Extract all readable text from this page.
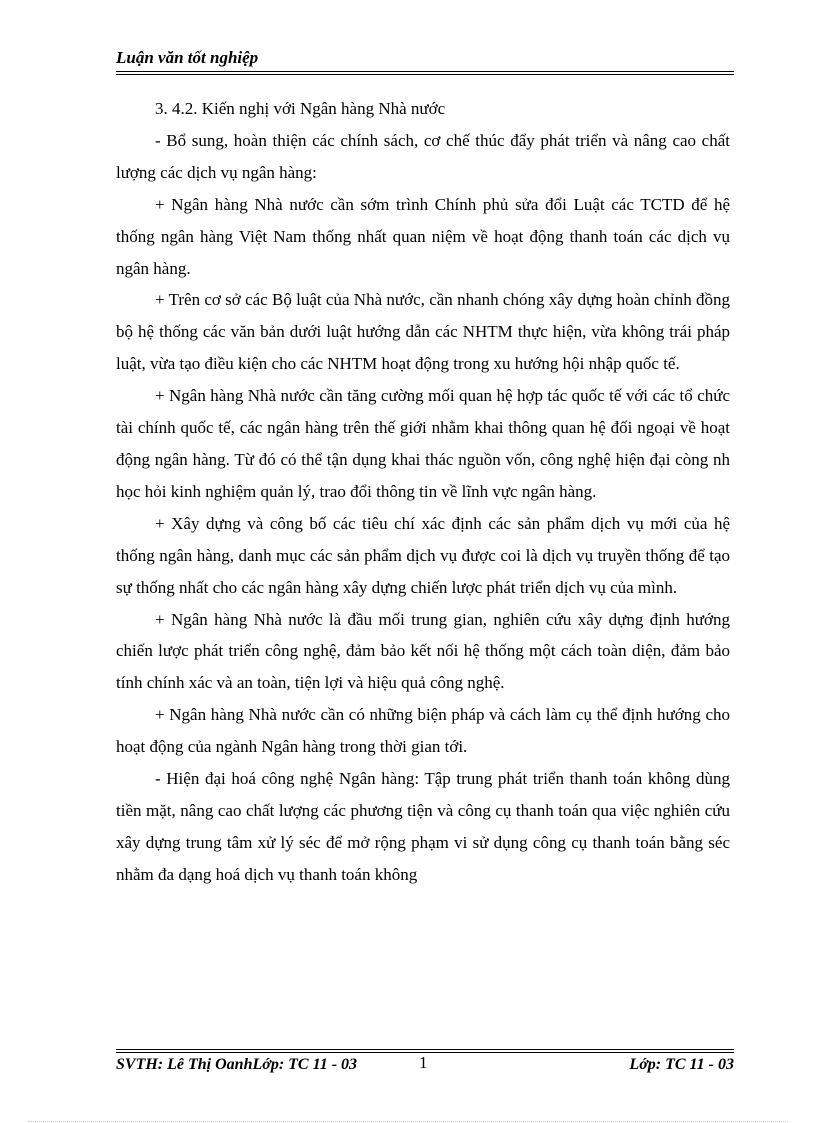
Luận văn tốt nghiệp

3. 4.2. Kiến nghị với Ngân hàng Nhà nước

- Bổ sung, hoàn thiện các chính sách, cơ chế thúc đẩy phát triển và nâng cao chất lượng các dịch vụ ngân hàng:

+ Ngân hàng Nhà nước cần sớm trình Chính phủ sửa đổi Luật các TCTD để hệ thống ngân hàng Việt Nam thống nhất quan niệm về hoạt động thanh toán các dịch vụ ngân hàng.

+ Trên cơ sở các Bộ luật của Nhà nước, cần nhanh chóng xây dựng hoàn chỉnh đồng bộ hệ thống các văn bản dưới luật hướng dẫn các NHTM thực hiện, vừa không trái pháp luật, vừa tạo điều kiện cho các NHTM hoạt động trong xu hướng hội nhập quốc tế.

+ Ngân hàng Nhà nước cần tăng cường mối quan hệ hợp tác quốc tế với các tổ chức tài chính quốc tế, các ngân hàng trên thế giới nhằm khai thông quan hệ đối ngoại về hoạt động ngân hàng. Từ đó có thể tận dụng khai thác nguồn vốn, công nghệ hiện đại còng nh học hỏi kinh nghiệm quản lý, trao đổi thông tin về lĩnh vực ngân hàng.

+ Xây dựng và công bố các tiêu chí xác định các sản phẩm dịch vụ mới của hệ thống ngân hàng, danh mục các sản phẩm dịch vụ được coi là dịch vụ truyền thống để tạo sự thống nhất cho các ngân hàng xây dựng chiến lược phát triển dịch vụ của mình.

+ Ngân hàng Nhà nước là đầu mối trung gian, nghiên cứu xây dựng định hướng chiến lược phát triển công nghệ, đảm bảo kết nối hệ thống một cách toàn diện, đảm bảo tính chính xác và an toàn, tiện lợi và hiệu quả công nghệ.

+ Ngân hàng Nhà nước cần có những biện pháp và cách làm cụ thể định hướng cho hoạt động của ngành Ngân hàng trong thời gian tới.

- Hiện đại hoá công nghệ Ngân hàng: Tập trung phát triển thanh toán không dùng tiền mặt, nâng cao chất lượng các phương tiện và công cụ thanh toán qua việc nghiên cứu xây dựng trung tâm xử lý séc để mở rộng phạm vi sử dụng công cụ thanh toán bằng séc nhằm đa dạng hoá dịch vụ thanh toán không

SVTH: Lê Thị OanhLớp: TC 11 - 03	1	Lớp: TC 11 - 03
